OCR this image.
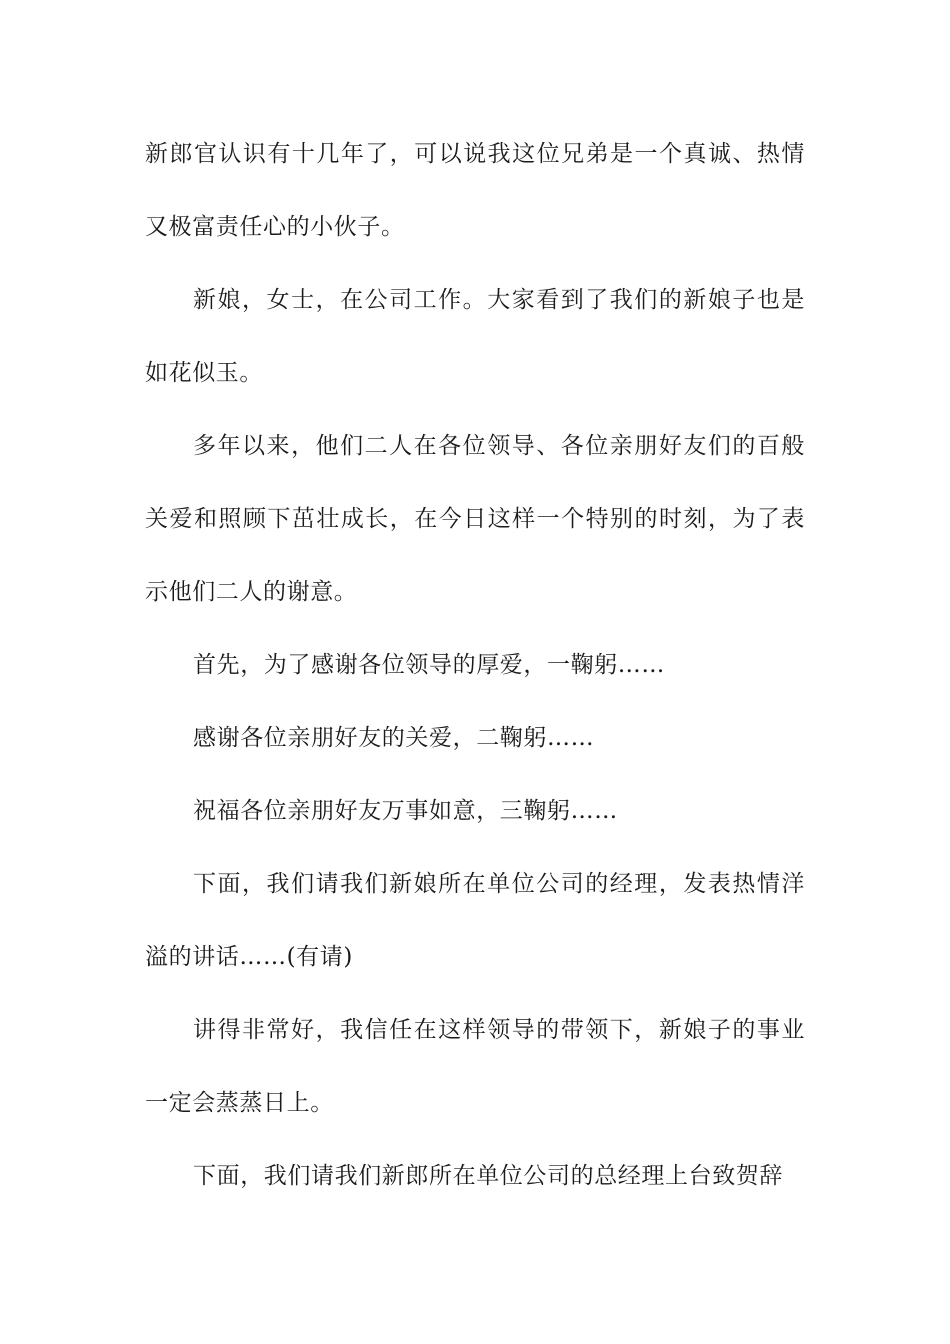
新郎官认识有十几年了，可以说我这位兄弟是一个真诚、热情又极富责任心的小伙子。

新娘，女士，在公司工作。大家看到了我们的新娘子也是如花似玉。

多年以来，他们二人在各位领导、各位亲朋好友们的百般关爱和照顾下茁壮成长，在今日这样一个特别的时刻，为了表示他们二人的谢意。

首先，为了感谢各位领导的厚爱，一鞠躬……

感谢各位亲朋好友的关爱，二鞠躬……

祝福各位亲朋好友万事如意，三鞠躬……

下面，我们请我们新娘所在单位公司的经理，发表热情洋溢的讲话……(有请)

讲得非常好，我信任在这样领导的带领下，新娘子的事业一定会蒸蒸日上。

下面，我们请我们新郎所在单位公司的总经理上台致贺辞
